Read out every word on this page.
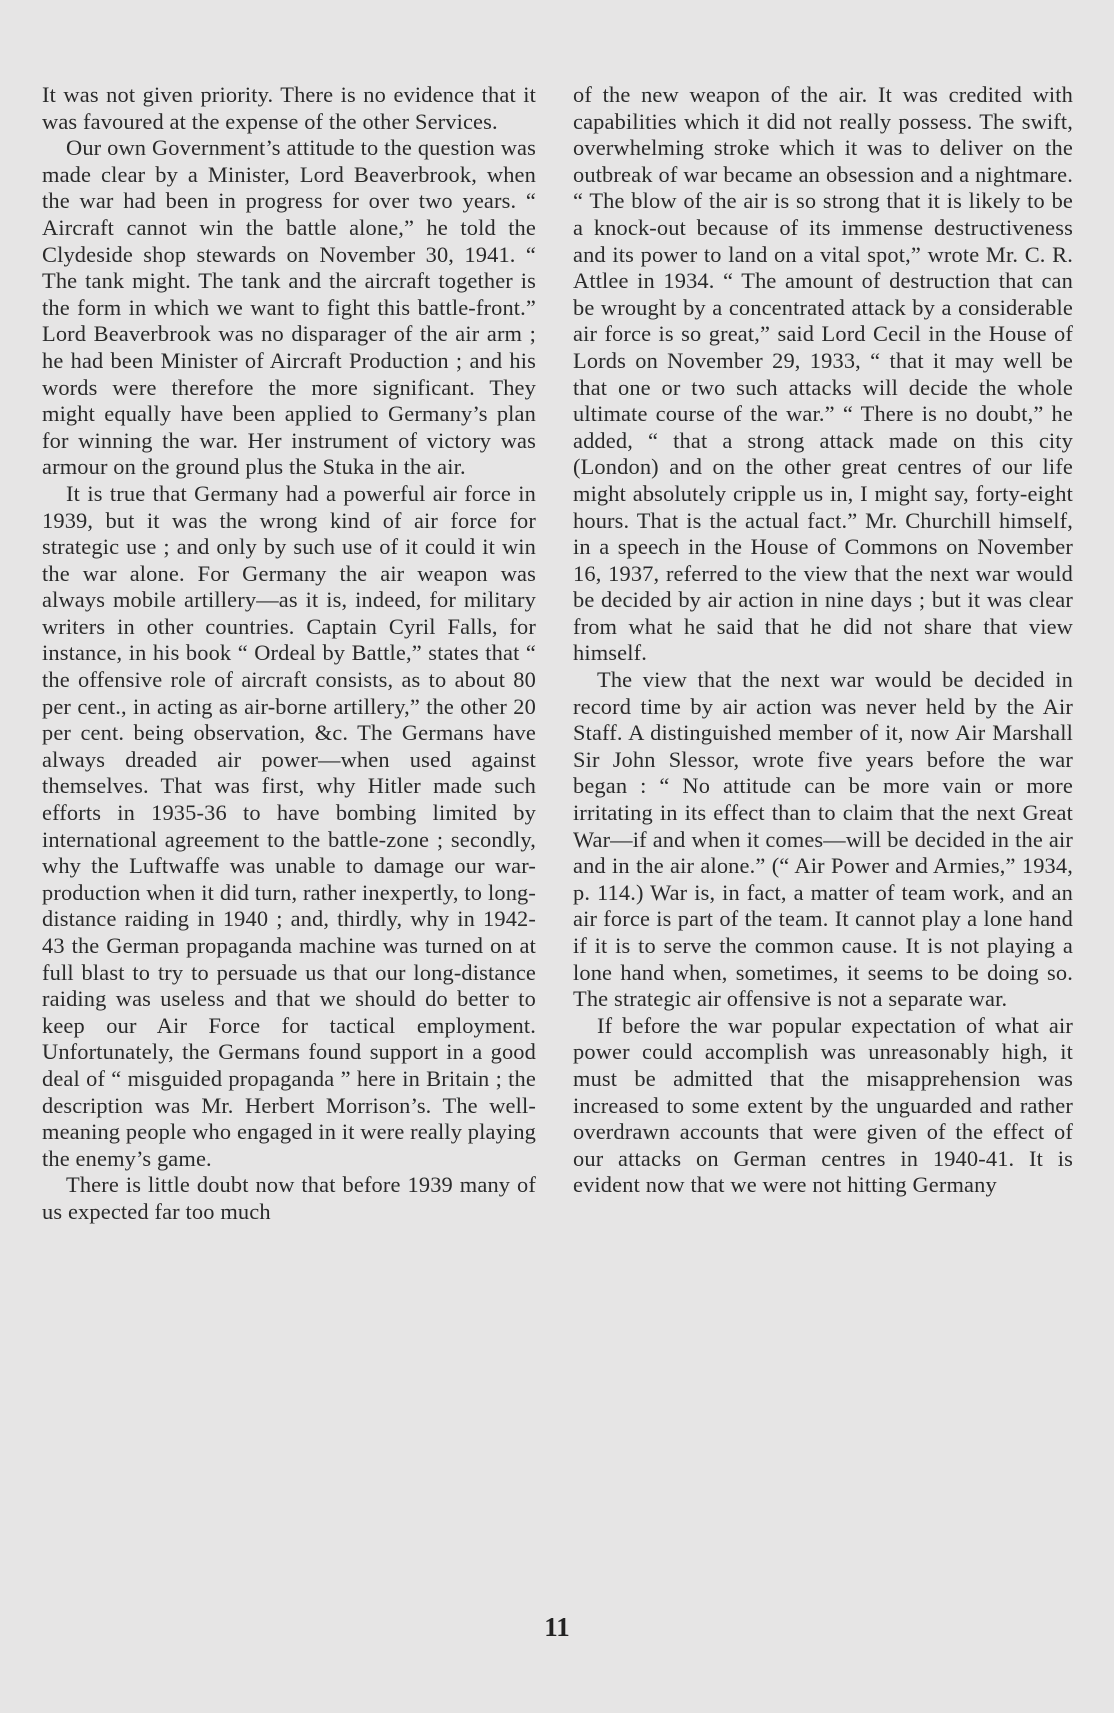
It was not given priority. There is no evidence that it was favoured at the expense of the other Services.

Our own Government’s attitude to the question was made clear by a Minister, Lord Beaverbrook, when the war had been in progress for over two years. “ Aircraft cannot win the battle alone,” he told the Clydeside shop stewards on November 30, 1941. “ The tank might. The tank and the aircraft together is the form in which we want to fight this battle-front.” Lord Beaverbrook was no disparager of the air arm ; he had been Minister of Aircraft Production ; and his words were therefore the more significant. They might equally have been applied to Germany’s plan for winning the war. Her instrument of victory was armour on the ground plus the Stuka in the air.

It is true that Germany had a powerful air force in 1939, but it was the wrong kind of air force for strategic use ; and only by such use of it could it win the war alone. For Germany the air weapon was always mobile artillery—as it is, indeed, for military writers in other countries. Captain Cyril Falls, for instance, in his book “ Ordeal by Battle,” states that “ the offensive role of aircraft consists, as to about 80 per cent., in acting as air-borne artillery,” the other 20 per cent. being observation, &c. The Germans have always dreaded air power—when used against themselves. That was first, why Hitler made such efforts in 1935-36 to have bombing limited by international agreement to the battle-zone ; secondly, why the Luftwaffe was unable to damage our war-production when it did turn, rather inexpertly, to long-distance raiding in 1940 ; and, thirdly, why in 1942-43 the German propaganda machine was turned on at full blast to try to persuade us that our long-distance raiding was useless and that we should do better to keep our Air Force for tactical employment. Unfortunately, the Germans found support in a good deal of “ misguided propaganda ” here in Britain ; the description was Mr. Herbert Morrison’s. The well-meaning people who engaged in it were really playing the enemy’s game.

There is little doubt now that before 1939 many of us expected far too much

of the new weapon of the air. It was credited with capabilities which it did not really possess. The swift, overwhelming stroke which it was to deliver on the outbreak of war became an obsession and a nightmare. “ The blow of the air is so strong that it is likely to be a knock-out because of its immense destructiveness and its power to land on a vital spot,” wrote Mr. C. R. Attlee in 1934. “ The amount of destruction that can be wrought by a concentrated attack by a considerable air force is so great,” said Lord Cecil in the House of Lords on November 29, 1933, “ that it may well be that one or two such attacks will decide the whole ultimate course of the war.” “ There is no doubt,” he added, “ that a strong attack made on this city (London) and on the other great centres of our life might absolutely cripple us in, I might say, forty-eight hours. That is the actual fact.” Mr. Churchill himself, in a speech in the House of Commons on November 16, 1937, referred to the view that the next war would be decided by air action in nine days ; but it was clear from what he said that he did not share that view himself.

The view that the next war would be decided in record time by air action was never held by the Air Staff. A distinguished member of it, now Air Marshall Sir John Slessor, wrote five years before the war began : “ No attitude can be more vain or more irritating in its effect than to claim that the next Great War—if and when it comes—will be decided in the air and in the air alone.” (“ Air Power and Armies,” 1934, p. 114.) War is, in fact, a matter of team work, and an air force is part of the team. It cannot play a lone hand if it is to serve the common cause. It is not playing a lone hand when, sometimes, it seems to be doing so. The strategic air offensive is not a separate war.

If before the war popular expectation of what air power could accomplish was unreasonably high, it must be admitted that the misapprehension was increased to some extent by the unguarded and rather overdrawn accounts that were given of the effect of our attacks on German centres in 1940-41. It is evident now that we were not hitting Germany

11
